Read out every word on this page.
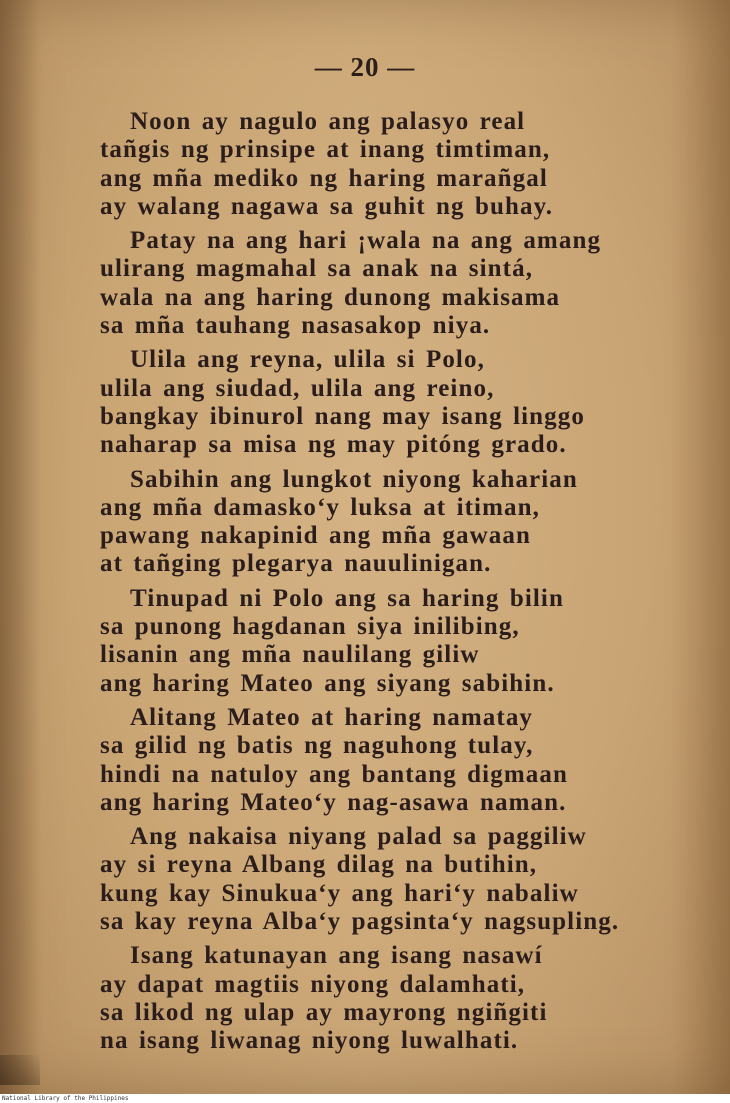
— 20 —
Noon ay nagulo ang palasyo real
tañgis ng prinsipe at inang timtiman,
ang mña mediko ng haring marañgal
ay walang nagawa sa guhit ng buhay.
Patay na ang hari ¡wala na ang amang
ulirang magmahal sa anak na sintá,
wala na ang haring dunong makisama
sa mña tauhang nasasakop niya.
Ulila ang reyna, ulila si Polo,
ulila ang siudad, ulila ang reino,
bangkay ibinurol nang may isang linggo
naharap sa misa ng may pitóng grado.
Sabihin ang lungkot niyong kaharian
ang mña damasko‘y luksa at itiman,
pawang nakapinid ang mña gawaan
at tañging plegarya nauulinigan.
Tinupad ni Polo ang sa haring bilin
sa punong hagdanan siya inilibing,
lisanin ang mña naulilang giliw
ang haring Mateo ang siyang sabihin.
Alitang Mateo at haring namatay
sa gilid ng batis ng naguhong tulay,
hindi na natuloy ang bantang digmaan
ang haring Mateo‘y nag-asawa naman.
Ang nakaisa niyang palad sa paggiliw
ay si reyna Albang dilag na butihin,
kung kay Sinukua‘y ang hari‘y nabaliw
sa kay reyna Alba‘y pagsinta‘y nagsupling.
Isang katunayan ang isang nasawí
ay dapat magtiis niyong dalamhati,
sa likod ng ulap ay mayrong ngiñgiti
na isang liwanag niyong luwalhati.
National Library of the Philippines
